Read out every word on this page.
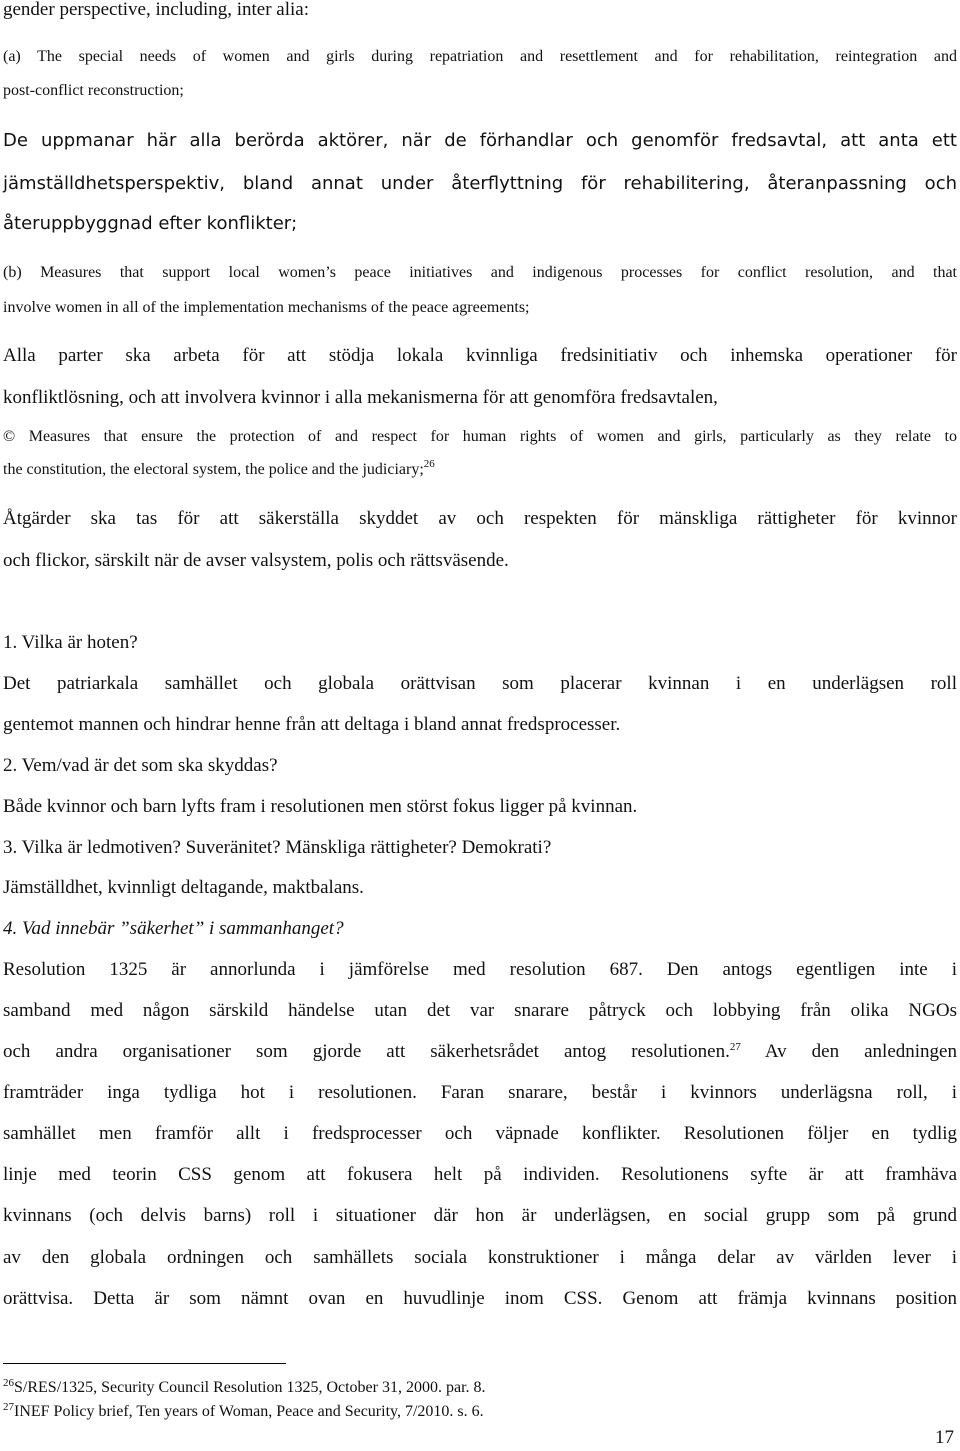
gender perspective, including, inter alia:

(a) The special needs of women and girls during repatriation and resettlement and for rehabilitation, reintegration and

post-conflict reconstruction;

De uppmanar här alla berörda aktörer, när de förhandlar och genomför fredsavtal, att anta ett

jämställdhetsperspektiv, bland annat under återflyttning för rehabilitering, återanpassning och

återuppbyggnad efter konflikter;

(b) Measures that support local women’s peace initiatives and indigenous processes for conflict resolution, and that

involve women in all of the implementation mechanisms of the peace agreements;

Alla parter ska arbeta för att stödja lokala kvinnliga fredsinitiativ och inhemska operationer för

konfliktlösning, och att involvera kvinnor i alla mekanismerna för att genomföra fredsavtalen,

© Measures that ensure the protection of and respect for human rights of women and girls, particularly as they relate to

the constitution, the electoral system, the police and the judiciary;$^{26}$

Åtgärder ska tas för att säkerställa skyddet av och respekten för mänskliga rättigheter för kvinnor

och flickor, särskilt när de avser valsystem, polis och rättsväsende.

1. Vilka är hoten?

Det patriarkala samhället och globala orättvisan som placerar kvinnan i en underlägsen roll

gentemot mannen och hindrar henne från att deltaga i bland annat fredsprocesser.

2. Vem/vad är det som ska skyddas?

Både kvinnor och barn lyfts fram i resolutionen men störst fokus ligger på kvinnan.

3. Vilka är ledmotiven? Suveränitet? Mänskliga rättigheter? Demokrati?

Jämställdhet, kvinnligt deltagande, maktbalans.

4. Vad innebär ”säkerhet” i sammanhanget?

Resolution 1325 är annorlunda i jämförelse med resolution 687. Den antogs egentligen inte i

samband med någon särskild händelse utan det var snarare påtryck och lobbying från olika NGOs

och andra organisationer som gjorde att säkerhetsrådet antog resolutionen.$^{27}$ Av den anledningen

framträder inga tydliga hot i resolutionen. Faran snarare, består i kvinnors underlägsna roll, i

samhället men framför allt i fredsprocesser och väpnade konflikter. Resolutionen följer en tydlig

linje med teorin CSS genom att fokusera helt på individen. Resolutionens syfte är att framhäva

kvinnans (och delvis barns) roll i situationer där hon är underlägsen, en social grupp som på grund

av den globala ordningen och samhällets sociala konstruktioner i många delar av världen lever i

orättvisa. Detta är som nämnt ovan en huvudlinje inom CSS. Genom att främja kvinnans position

$^{26}$S/RES/1325, Security Council Resolution 1325, October 31, 2000. par. 8.
$^{27}$INEF Policy brief, Ten years of Woman, Peace and Security, 7/2010. s. 6.
17
